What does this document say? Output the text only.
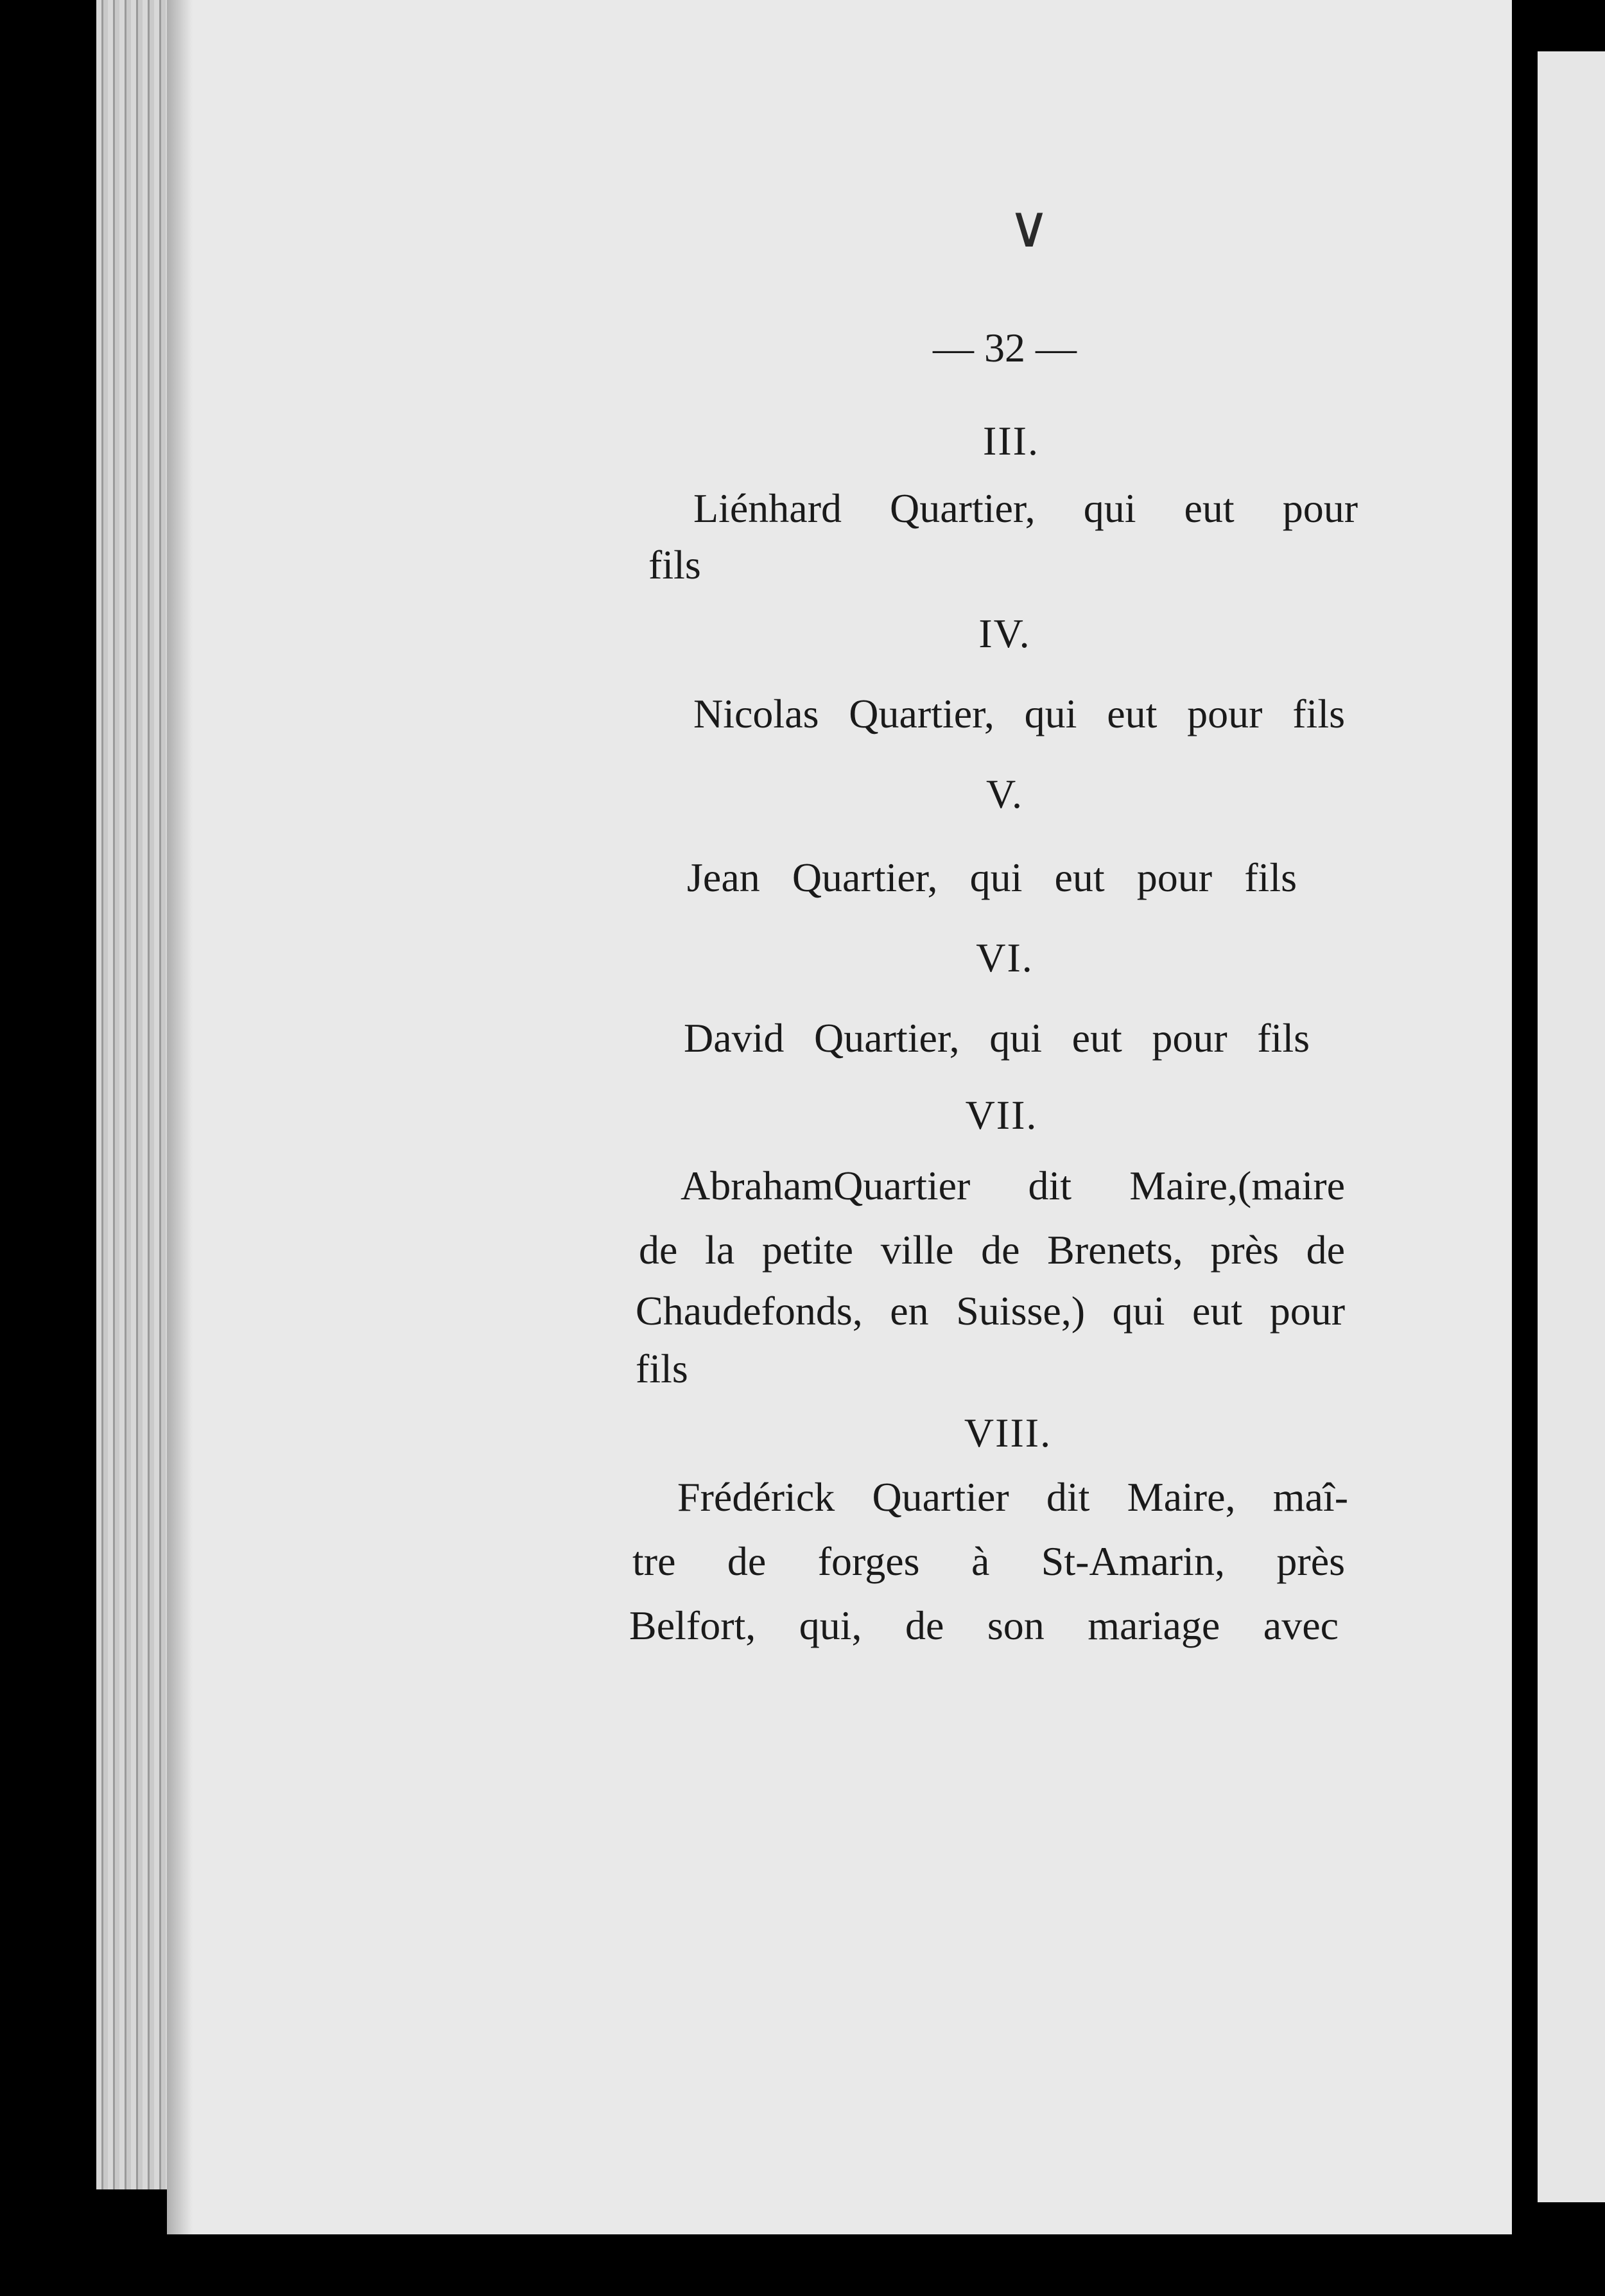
∨
— 32 —
III.
Liénhard Quartier, qui eut pour
fils
IV.
Nicolas Quartier, qui eut pour fils
V.
Jean Quartier, qui eut pour fils
VI.
David Quartier, qui eut pour fils
VII.
AbrahamQuartier dit Maire,(maire
de la petite ville de Brenets, près de
Chaudefonds, en Suisse,) qui eut pour
fils
VIII.
Frédérick Quartier dit Maire, maî-
tre de forges à St-Amarin, près
Belfort, qui, de son mariage avec
